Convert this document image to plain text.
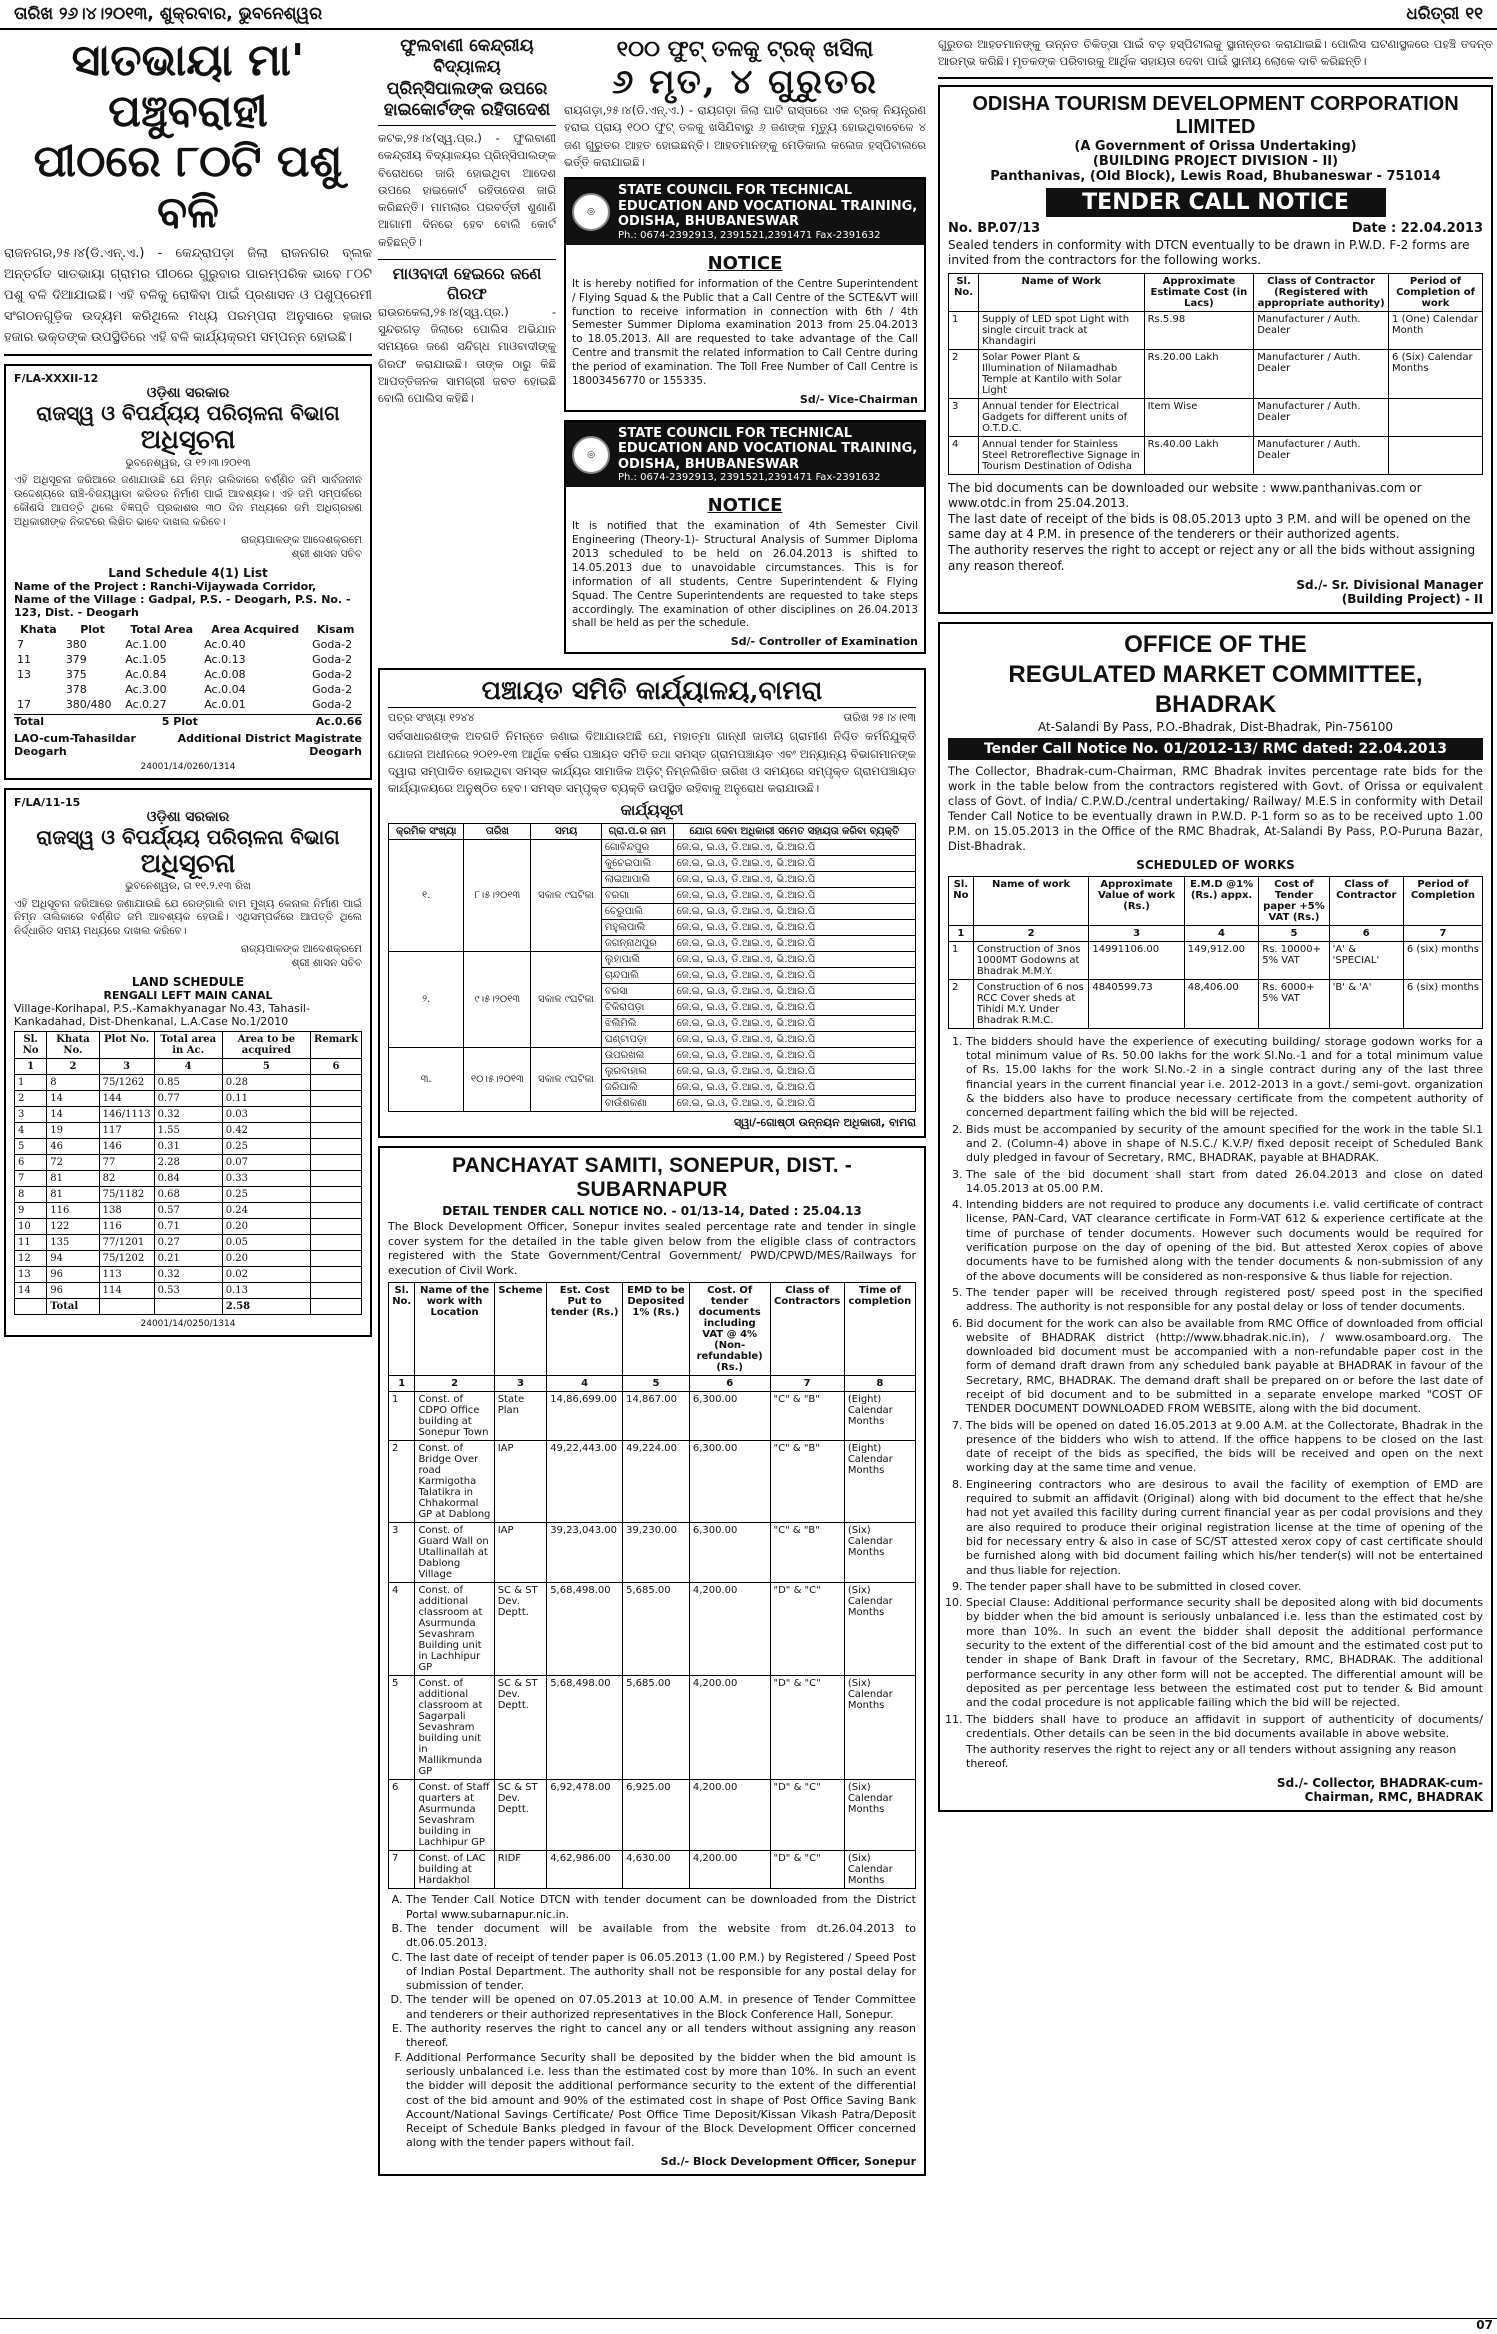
ତାରିଖ ୨୬।୪।୨୦୧୩, ଶୁକ୍ରବାର, ଭୁବନେଶ୍ୱର	ଧରିତ୍ରୀ ୧୧
ସାତଭାୟା ମା' ପଞ୍ଚୁବରାହୀ
ପୀଠରେ ୮୦ଟି ପଶୁ ବଳି
ରାଜନଗର,୨୫।୪(ଡି.ଏନ୍.ଏ.) - କେନ୍ଦ୍ରାପଡ଼ା ଜିଲା ରାଜନଗର ବ୍ଲକ ଅନ୍ତର୍ଗତ ସାତଭାୟା ଗ୍ରାମର ପୀଠରେ ଗୁରୁବାର ପାରମ୍ପରିକ ଭାବେ ୮୦ଟି ପଶୁ ବଳି ଦିଆଯାଇଛି। ଏହି ବଳିକୁ ରୋକିବା ପାଇଁ ପ୍ରଶାସନ ଓ ପଶୁପ୍ରେମୀ ସଂଗଠନଗୁଡ଼ିକ ଉଦ୍ୟମ କରିଥିଲେ ମଧ୍ୟ ପରମ୍ପରା ଅନୁସାରେ ହଜାର ହଜାର ଭକ୍ତଙ୍କ ଉପସ୍ଥିତିରେ ଏହି ବଳି କାର୍ଯ୍ୟକ୍ରମ ସମ୍ପନ୍ନ ହୋଇଛି।
F/LA-XXXII-12
ଓଡ଼ିଶା ସରକାର
ରାଜସ୍ୱ ଓ ବିପର୍ଯ୍ୟୟ ପରିଚାଳନା ବିଭାଗ
ଅଧିସୂଚନା
ଭୁବନେଶ୍ୱର, ତା ୧୨।୩।୨୦୧୩
ଏହି ଅଧିସୂଚନା ଜରିଆରେ ଜଣାଯାଉଛି ଯେ ନିମ୍ନ ତାଲିକାରେ ବର୍ଣ୍ଣିତ ଜମି ସାର୍ବଜନୀନ ଉଦ୍ଦେଶ୍ୟରେ ରାଞ୍ଚି-ବିଜୟୱାଡା କରିଡର ନିର୍ମାଣ ପାଇଁ ଆବଶ୍ୟକ। ଏହି ଜମି ସମ୍ପର୍କରେ କୌଣସି ଆପତ୍ତି ଥିଲେ ବିଜ୍ଞପ୍ତି ପ୍ରକାଶର ୩୦ ଦିନ ମଧ୍ୟରେ ଜମି ଅଧିଗ୍ରହଣ ଅଧିକାରୀଙ୍କ ନିକଟରେ ଲିଖିତ ଭାବେ ଦାଖଲ କରିବେ।
ରାଜ୍ୟପାଳଙ୍କ ଆଦେଶକ୍ରମେ
ଶ୍ରୀ ଶାସନ ସଚିବ
Land Schedule 4(1) List
Name of the Project : Ranchi-Vijaywada Corridor,
Name of the Village : Gadpal, P.S. - Deogarh, P.S. No. - 123, Dist. - Deogarh
Khata	Plot	Total Area	Area Acquired	Kisam
7	380	Ac.1.00	Ac.0.40	Goda-2
11	379	Ac.1.05	Ac.0.13	Goda-2
13	375	Ac.0.84	Ac.0.08	Goda-2
	378	Ac.3.00	Ac.0.04	Goda-2
17	380/480	Ac.0.27	Ac.0.01	Goda-2
Total	5 Plot	Ac.0.66
LAO-cum-Tahasildar	Additional District Magistrate
Deogarh	Deogarh
24001/14/0260/1314
F/LA/11-15
ଓଡ଼ିଶା ସରକାର
ରାଜସ୍ୱ ଓ ବିପର୍ଯ୍ୟୟ ପରିଚାଳନା ବିଭାଗ
ଅଧିସୂଚନା
ଭୁବନେଶ୍ୱର, ତା ୧୧.୨.୧୩ ରିଖ
ଏହି ଅଧିସୂଚନା ଜରିଆରେ ଜଣାଯାଉଛି ଯେ ରେଙ୍ଗାଲି ବାମ ମୁଖ୍ୟ କେନାଲ ନିର୍ମାଣ ପାଇଁ ନିମ୍ନ ତାଲିକାରେ ବର୍ଣ୍ଣିତ ଜମି ଆବଶ୍ୟକ ହେଉଛି। ଏଥିସମ୍ପର୍କରେ ଆପତ୍ତି ଥିଲେ ନିର୍ଦ୍ଧାରିତ ସମୟ ମଧ୍ୟରେ ଦାଖଲ କରିବେ।
ରାଜ୍ୟପାଳଙ୍କ ଆଦେଶକ୍ରମେ
ଶ୍ରୀ ଶାସନ ସଚିବ
LAND SCHEDULE
RENGALI LEFT MAIN CANAL
Village-Korihapal, P.S.-Kamakhyanagar No.43, Tahasil-Kankadahad, Dist-Dhenkanal, L.A.Case No.1/2010
Sl. No	Khata No.	Plot No.	Total area in Ac.	Area to be acquired	Remark
1	2	3	4	5	6
1	8	75/1262	0.85	0.28	
2	14	144	0.77	0.11	
3	14	146/1113	0.32	0.03	
4	19	117	1.55	0.42	
5	46	146	0.31	0.25	
6	72	77	2.28	0.07	
7	81	82	0.84	0.33	
8	81	75/1182	0.68	0.25	
9	116	138	0.57	0.24	
10	122	116	0.71	0.20	
11	135	77/1201	0.27	0.05	
12	94	75/1202	0.21	0.20	
13	96	113	0.32	0.02	
14	96	114	0.53	0.13	
	Total			2.58	
24001/14/0250/1314
ଫୁଲବାଣୀ କେନ୍ଦ୍ରୀୟ ବିଦ୍ୟାଳୟ ପ୍ରିନ୍ସିପାଲଙ୍କ ଉପରେ ହାଇକୋର୍ଟଙ୍କ ରହିତାଦେଶ
କଟକ,୨୫।୪(ସ୍ୱ.ପ୍ର.) - ଫୁଲବାଣୀ କେନ୍ଦ୍ରୀୟ ବିଦ୍ୟାଳୟର ପ୍ରିନ୍ସିପାଲଙ୍କ ବିରୋଧରେ ଜାରି ହୋଇଥିବା ଆଦେଶ ଉପରେ ହାଇକୋର୍ଟ ରହିତାଦେଶ ଜାରି କରିଛନ୍ତି। ମାମଲାର ପରବର୍ତ୍ତୀ ଶୁଣାଣି ଆଗାମୀ ଦିନରେ ହେବ ବୋଲି କୋର୍ଟ କହିଛନ୍ତି।
ମାଓବାଦୀ ହେଇରେ ଜଣେ ଗିରଫ
ରାଉରକେଲା,୨୫।୪(ସ୍ୱ.ପ୍ର.) - ସୁନ୍ଦରଗଡ଼ ଜିଲାରେ ପୋଲିସ ଅଭିଯାନ ସମୟରେ ଜଣେ ସନ୍ଦିଗ୍ଧ ମାଓବାଦୀଙ୍କୁ ଗିରଫ କରାଯାଇଛି। ତାଙ୍କ ଠାରୁ କିଛି ଆପତ୍ତିଜନକ ସାମଗ୍ରୀ ଜବତ ହୋଇଛି ବୋଲି ପୋଲିସ କହିଛି।
୧୦୦ ଫୁଟ୍ ତଳକୁ ଟ୍ରକ୍ ଖସିଲା
୬ ମୃତ, ୪ ଗୁରୁତର
ରାୟଗଡ଼ା,୨୫।୪(ଡି.ଏନ୍.ଏ.) - ରାୟଗଡ଼ା ଜିଲା ଘାଟି ରାସ୍ତାରେ ଏକ ଟ୍ରକ୍ ନିୟନ୍ତ୍ରଣ ହରାଇ ପ୍ରାୟ ୧୦୦ ଫୁଟ୍ ତଳକୁ ଖସିଯିବାରୁ ୬ ଜଣଙ୍କ ମୃତ୍ୟୁ ହୋଇଥିବାବେଳେ ୪ ଜଣ ଗୁରୁତର ଆହତ ହୋଇଛନ୍ତି। ଆହତମାନଙ୍କୁ ମେଡିକାଲ କଲେଜ ହସ୍ପିଟାଲରେ ଭର୍ତ୍ତି କରାଯାଇଛି।
◎
STATE COUNCIL FOR TECHNICAL EDUCATION AND VOCATIONAL TRAINING, ODISHA, BHUBANESWAR
Ph.: 0674-2392913, 2391521,2391471 Fax-2391632
NOTICE
It is hereby notified for information of the Centre Superintendent / Flying Squad & the Public that a Call Centre of the SCTE&VT will function to receive information in connection with 6th / 4th Semester Summer Diploma examination 2013 from 25.04.2013 to 18.05.2013. All are requested to take advantage of the Call Centre and transmit the related information to Call Centre during the period of examination. The Toll Free Number of Call Centre is 18003456770 or 155335.
Sd/- Vice-Chairman
◎
STATE COUNCIL FOR TECHNICAL EDUCATION AND VOCATIONAL TRAINING, ODISHA, BHUBANESWAR
Ph.: 0674-2392913, 2391521,2391471 Fax-2391632
NOTICE
It is notified that the examination of 4th Semester Civil Engineering (Theory-1)- Structural Analysis of Summer Diploma 2013 scheduled to be held on 26.04.2013 is shifted to 14.05.2013 due to unavoidable circumstances. This is for information of all students, Centre Superintendent & Flying Squad. The Centre Superintendents are requested to take steps accordingly. The examination of other disciplines on 26.04.2013 shall be held as per the schedule.
Sd/- Controller of Examination
ପଞ୍ଚାୟତ ସମିତି କାର୍ଯ୍ୟାଳୟ,ବାମରା
ପତ୍ର ସଂଖ୍ୟା ୧୨୪୪	ତାରିଖ ୨୫।୪।୧୩
ସର୍ବସାଧାରଣଙ୍କ ଅବଗତି ନିମନ୍ତେ ଜଣାଇ ଦିଆଯାଉଅଛି ଯେ, ମହାତ୍ମା ଗାନ୍ଧୀ ଜାତୀୟ ଗ୍ରାମୀଣ ନିଶ୍ଚିତ କର୍ମନିଯୁକ୍ତି ଯୋଜନା ଅଧୀନରେ ୨୦୧୨-୧୩ ଆର୍ଥିକ ବର୍ଷର ପଞ୍ଚାୟତ ସମିତି ତଥା ସମସ୍ତ ଗ୍ରାମପଞ୍ଚାୟତ ଏବଂ ଅନ୍ୟାନ୍ୟ ବିଭାଗମାନଙ୍କ ଦ୍ୱାରା ସମ୍ପାଦିତ ହୋଇଥିବା ସମସ୍ତ କାର୍ଯ୍ୟର ସାମାଜିକ ଅଡ଼ିଟ୍ ନିମ୍ନଲିଖିତ ତାରିଖ ଓ ସମୟରେ ସମ୍ପୃକ୍ତ ଗ୍ରାମପଞ୍ଚାୟତ କାର୍ଯ୍ୟାଳୟରେ ଅନୁଷ୍ଠିତ ହେବ। ସମସ୍ତ ସମ୍ପୃକ୍ତ ବ୍ୟକ୍ତି ଉପସ୍ଥିତ ରହିବାକୁ ଅନୁରୋଧ କରାଯାଉଛି।
କାର୍ଯ୍ୟସୂଚୀ
କ୍ରମିକ ସଂଖ୍ୟା	ତାରିଖ	ସମୟ	ଗ୍ରା.ପ.ର ନାମ	ଯୋଗ ଦେବା ଅଧିକାରୀ ସମେତ ସହାୟତା କରିବା ବ୍ୟକ୍ତି
୧.	୮।୫।୨୦୧୩	ସକାଳ ୯ଘଟିକା	ଗୋବିନ୍ଦପୁର	ଜେ.ଇ, ଇ.ଓ, ଡି.ଆଇ.ଏ, ଭି.ଆର.ପି
			କୁଚେଇପାଲି	ଜେ.ଇ, ଇ.ଓ, ଡି.ଆଇ.ଏ, ଭି.ଆର.ପି
			ଲାଇଆପାଲି	ଜେ.ଇ, ଇ.ଓ, ଡି.ଆଇ.ଏ, ଭି.ଆର.ପି
			ବରଗା	ଜେ.ଇ, ଇ.ଓ, ଡି.ଆଇ.ଏ, ଭି.ଆର.ପି
			ଚେରୁପାଲି	ଜେ.ଇ, ଇ.ଓ, ଡି.ଆଇ.ଏ, ଭି.ଆର.ପି
			ମହୁଲପାଲି	ଜେ.ଇ, ଇ.ଓ, ଡି.ଆଇ.ଏ, ଭି.ଆର.ପି
			ଜଗନ୍ନାଥପୁର	ଜେ.ଇ, ଇ.ଓ, ଡି.ଆଇ.ଏ, ଭି.ଆର.ପି
୨.	୯।୫।୨୦୧୩	ସକାଳ ୯ଘଟିକା	ଲୁହାପାଲି	ଜେ.ଇ, ଇ.ଓ, ଡି.ଆଇ.ଏ, ଭି.ଆର.ପି
			ଚାନ୍ଦପାଲି	ଜେ.ଇ, ଇ.ଓ, ଡି.ଆଇ.ଏ, ଭି.ଆର.ପି
			ବରସା	ଜେ.ଇ, ଇ.ଓ, ଡି.ଆଇ.ଏ, ଭି.ଆର.ପି
			ଟିକିରାପଡ଼ା	ଜେ.ଇ, ଇ.ଓ, ଡି.ଆଇ.ଏ, ଭି.ଆର.ପି
			ଝିଲିମିଲି	ଜେ.ଇ, ଇ.ଓ, ଡି.ଆଇ.ଏ, ଭି.ଆର.ପି
			ଘଣ୍ଟାପଡ଼ା	ଜେ.ଇ, ଇ.ଓ, ଡି.ଆଇ.ଏ, ଭି.ଆର.ପି
୩.	୧୦।୫।୨୦୧୩	ସକାଳ ୯ଘଟିକା	ଉପରଖଲ	ଜେ.ଇ, ଇ.ଓ, ଡି.ଆଇ.ଏ, ଭି.ଆର.ପି
			ଲୁରବାହାଲ	ଜେ.ଇ, ଇ.ଓ, ଡି.ଆଇ.ଏ, ଭି.ଆର.ପି
			ଜରିପାଲି	ଜେ.ଇ, ଇ.ଓ, ଡି.ଆଇ.ଏ, ଭି.ଆର.ପି
			ବାଉଁଶକଣା	ଜେ.ଇ, ଇ.ଓ, ଡି.ଆଇ.ଏ, ଭି.ଆର.ପି
ସ୍ୱା/-ଗୋଷ୍ଠୀ ଉନ୍ନୟନ ଅଧିକାରୀ, ବାମରା
PANCHAYAT SAMITI, SONEPUR, DIST. - SUBARNAPUR
DETAIL TENDER CALL NOTICE NO. - 01/13-14, Dated : 25.04.13
The Block Development Officer, Sonepur invites sealed percentage rate and tender in single cover system for the detailed in the table given below from the eligible class of contractors registered with the State Government/Central Government/ PWD/CPWD/MES/Railways for execution of Civil Work.
Sl. No.	Name of the work with Location	Scheme	Est. Cost Put to tender (Rs.)	EMD to be Deposited 1% (Rs.)	Cost. Of tender documents including VAT @ 4% (Non-refundable) (Rs.)	Class of Contractors	Time of completion
1	2	3	4	5	6	7	8
1	Const. of CDPO Office building at Sonepur Town	State Plan	14,86,699.00	14,867.00	6,300.00	"C" & "B"	(Eight) Calendar Months
2	Const. of Bridge Over road Karmigotha Talatikra in Chhakormal GP at Dablong	IAP	49,22,443.00	49,224.00	6,300.00	"C" & "B"	(Eight) Calendar Months
3	Const. of Guard Wall on Utallinallah at Dablong Village	IAP	39,23,043.00	39,230.00	6,300.00	"C" & "B"	(Six) Calendar Months
4	Const. of additional classroom at Asurmunda Sevashram Building unit in Lachhipur GP	SC & ST Dev. Deptt.	5,68,498.00	5,685.00	4,200.00	"D" & "C"	(Six) Calendar Months
5	Const. of additional classroom at Sagarpali Sevashram building unit in Mallikmunda GP	SC & ST Dev. Deptt.	5,68,498.00	5,685.00	4,200.00	"D" & "C"	(Six) Calendar Months
6	Const. of Staff quarters at Asurmunda Sevashram building in Lachhipur GP	SC & ST Dev. Deptt.	6,92,478.00	6,925.00	4,200.00	"D" & "C"	(Six) Calendar Months
7	Const. of LAC building at Hardakhol	RIDF	4,62,986.00	4,630.00	4,200.00	"D" & "C"	(Six) Calendar Months
A. The Tender Call Notice DTCN with tender document can be downloaded from the District Portal www.subarnapur.nic.in.
B. The tender document will be available from the website from dt.26.04.2013 to dt.06.05.2013.
C. The last date of receipt of tender paper is 06.05.2013 (1.00 P.M.) by Registered / Speed Post of Indian Postal Department. The authority shall not be responsible for any postal delay for submission of tender.
D. The tender will be opened on 07.05.2013 at 10.00 A.M. in presence of Tender Committee and tenderers or their authorized representatives in the Block Conference Hall, Sonepur.
E. The authority reserves the right to cancel any or all tenders without assigning any reason thereof.
F. Additional Performance Security shall be deposited by the bidder when the bid amount is seriously unbalanced i.e. less than the estimated cost by more than 10%. In such an event the bidder will deposit the additional performance security to the extent of the differential cost of the bid amount and 90% of the estimated cost in shape of Post Office Saving Bank Account/National Savings Certificate/ Post Office Time Deposit/Kissan Vikash Patra/Deposit Receipt of Schedule Banks pledged in favour of the Block Development Officer concerned along with the tender papers without fail.
Sd./- Block Development Officer, Sonepur
ଗୁରୁତର ଆହତମାନଙ୍କୁ ଉନ୍ନତ ଚିକିତ୍ସା ପାଇଁ ବଡ଼ ହସ୍ପିଟାଲକୁ ସ୍ଥାନାନ୍ତର କରାଯାଇଛି। ପୋଲିସ ଘଟଣାସ୍ଥଳରେ ପହଞ୍ଚି ତଦନ୍ତ ଆରମ୍ଭ କରିଛି। ମୃତକଙ୍କ ପରିବାରକୁ ଆର୍ଥିକ ସହାୟତା ଦେବା ପାଇଁ ସ୍ଥାନୀୟ ଲୋକେ ଦାବି କରିଛନ୍ତି।
ODISHA TOURISM DEVELOPMENT CORPORATION LIMITED
(A Government of Orissa Undertaking)
(BUILDING PROJECT DIVISION - II)
Panthanivas, (Old Block), Lewis Road, Bhubaneswar - 751014
TENDER CALL NOTICE
No. BP.07/13	Date : 22.04.2013
Sealed tenders in conformity with DTCN eventually to be drawn in P.W.D. F-2 forms are invited from the contractors for the following works.
Sl. No.	Name of Work	Approximate Estimate Cost (in Lacs)	Class of Contractor (Registered with appropriate authority)	Period of Completion of work
1	Supply of LED spot Light with single circuit track at Khandagiri	Rs.5.98	Manufacturer / Auth. Dealer	1 (One) Calendar Month
2	Solar Power Plant & Illumination of Nilamadhab Temple at Kantilo with Solar Light	Rs.20.00 Lakh	Manufacturer / Auth. Dealer	6 (Six) Calendar Months
3	Annual tender for Electrical Gadgets for different units of O.T.D.C.	Item Wise	Manufacturer / Auth. Dealer	
4	Annual tender for Stainless Steel Retroreflective Signage in Tourism Destination of Odisha	Rs.40.00 Lakh	Manufacturer / Auth. Dealer	
The bid documents can be downloaded our website : www.panthanivas.com or www.otdc.in from 25.04.2013.
The last date of receipt of the bids is 08.05.2013 upto 3 P.M. and will be opened on the same day at 4 P.M. in presence of the tenderers or their authorized agents.
The authority reserves the right to accept or reject any or all the bids without assigning any reason thereof.
Sd./- Sr. Divisional Manager
(Building Project) - II
OFFICE OF THE
REGULATED MARKET COMMITTEE, BHADRAK
At-Salandi By Pass, P.O.-Bhadrak, Dist-Bhadrak, Pin-756100
Tender Call Notice No. 01/2012-13/ RMC dated: 22.04.2013
The Collector, Bhadrak-cum-Chairman, RMC Bhadrak invites percentage rate bids for the work in the table below from the contractors registered with Govt. of Orissa or equivalent class of Govt. of India/ C.P.W.D./central undertaking/ Railway/ M.E.S in conformity with Detail Tender Call Notice to be eventually drawn in P.W.D. P-1 form so as to be received upto 1.00 P.M. on 15.05.2013 in the Office of the RMC Bhadrak, At-Salandi By Pass, P.O-Puruna Bazar, Dist-Bhadrak.
SCHEDULED OF WORKS
Sl. No	Name of work	Approximate Value of work (Rs.)	E.M.D @1% (Rs.) appx.	Cost of Tender paper +5% VAT (Rs.)	Class of Contractor	Period of Completion
1	2	3	4	5	6	7
1	Construction of 3nos 1000MT Godowns at Bhadrak M.M.Y.	14991106.00	149,912.00	Rs. 10000+ 5% VAT	'A' & 'SPECIAL'	6 (six) months
2	Construction of 6 nos RCC Cover sheds at Tihidi M.Y. Under Bhadrak R.M.C.	4840599.73	48,406.00	Rs. 6000+ 5% VAT	'B' & 'A'	6 (six) months
1. The bidders should have the experience of executing building/ storage godown works for a total minimum value of Rs. 50.00 lakhs for the work Sl.No.-1 and for a total minimum value of Rs. 15.00 lakhs for the work Sl.No.-2 in a single contract during any of the last three financial years in the current financial year i.e. 2012-2013 in a govt./ semi-govt. organization & the bidders also have to produce necessary certificate from the competent authority of concerned department failing which the bid will be rejected.
2. Bids must be accompanied by security of the amount specified for the work in the table Sl.1 and 2. (Column-4) above in shape of N.S.C./ K.V.P/ fixed deposit receipt of Scheduled Bank duly pledged in favour of Secretary, RMC, BHADRAK, payable at BHADRAK.
3. The sale of the bid document shall start from dated 26.04.2013 and close on dated 14.05.2013 at 05.00 P.M.
4. Intending bidders are not required to produce any documents i.e. valid certificate of contract license, PAN-Card, VAT clearance certificate in Form-VAT 612 & experience certificate at the time of purchase of tender documents. However such documents would be required for verification purpose on the day of opening of the bid. But attested Xerox copies of above documents have to be furnished along with the tender documents & non-submission of any of the above documents will be considered as non-responsive & thus liable for rejection.
5. The tender paper will be received through registered post/ speed post in the specified address. The authority is not responsible for any postal delay or loss of tender documents.
6. Bid document for the work can also be available from RMC Office of downloaded from official website of BHADRAK district (http://www.bhadrak.nic.in), / www.osamboard.org. The downloaded bid document must be accompanied with a non-refundable paper cost in the form of demand draft drawn from any scheduled bank payable at BHADRAK in favour of the Secretary, RMC, BHADRAK. The demand draft shall be prepared on or before the last date of receipt of bid document and to be submitted in a separate envelope marked "COST OF TENDER DOCUMENT DOWNLOADED FROM WEBSITE, along with the bid document.
7. The bids will be opened on dated 16.05.2013 at 9.00 A.M. at the Collectorate, Bhadrak in the presence of the bidders who wish to attend. If the office happens to be closed on the last date of receipt of the bids as specified, the bids will be received and open on the next working day at the same time and venue.
8. Engineering contractors who are desirous to avail the facility of exemption of EMD are required to submit an affidavit (Original) along with bid document to the effect that he/she had not yet availed this facility during current financial year as per codal provisions and they are also required to produce their original registration license at the time of opening of the bid for necessary entry & also in case of SC/ST attested xerox copy of cast certificate should be furnished along with bid document failing which his/her tender(s) will not be entertained and thus liable for rejection.
9. The tender paper shall have to be submitted in closed cover.
10. Special Clause: Additional performance security shall be deposited along with bid documents by bidder when the bid amount is seriously unbalanced i.e. less than the estimated cost by more than 10%. In such an event the bidder shall deposit the additional performance security to the extent of the differential cost of the bid amount and the estimated cost put to tender in shape of Bank Draft in favour of the Secretary, RMC, BHADRAK. The additional performance security in any other form will not be accepted. The differential amount will be deposited as per percentage less between the estimated cost put to tender & Bid amount and the codal procedure is not applicable failing which the bid will be rejected.
11. The bidders shall have to produce an affidavit in support of authenticity of documents/ credentials. Other details can be seen in the bid documents available in above website.
The authority reserves the right to reject any or all tenders without assigning any reason thereof.
Sd./- Collector, BHADRAK-cum-
Chairman, RMC, BHADRAK
07
